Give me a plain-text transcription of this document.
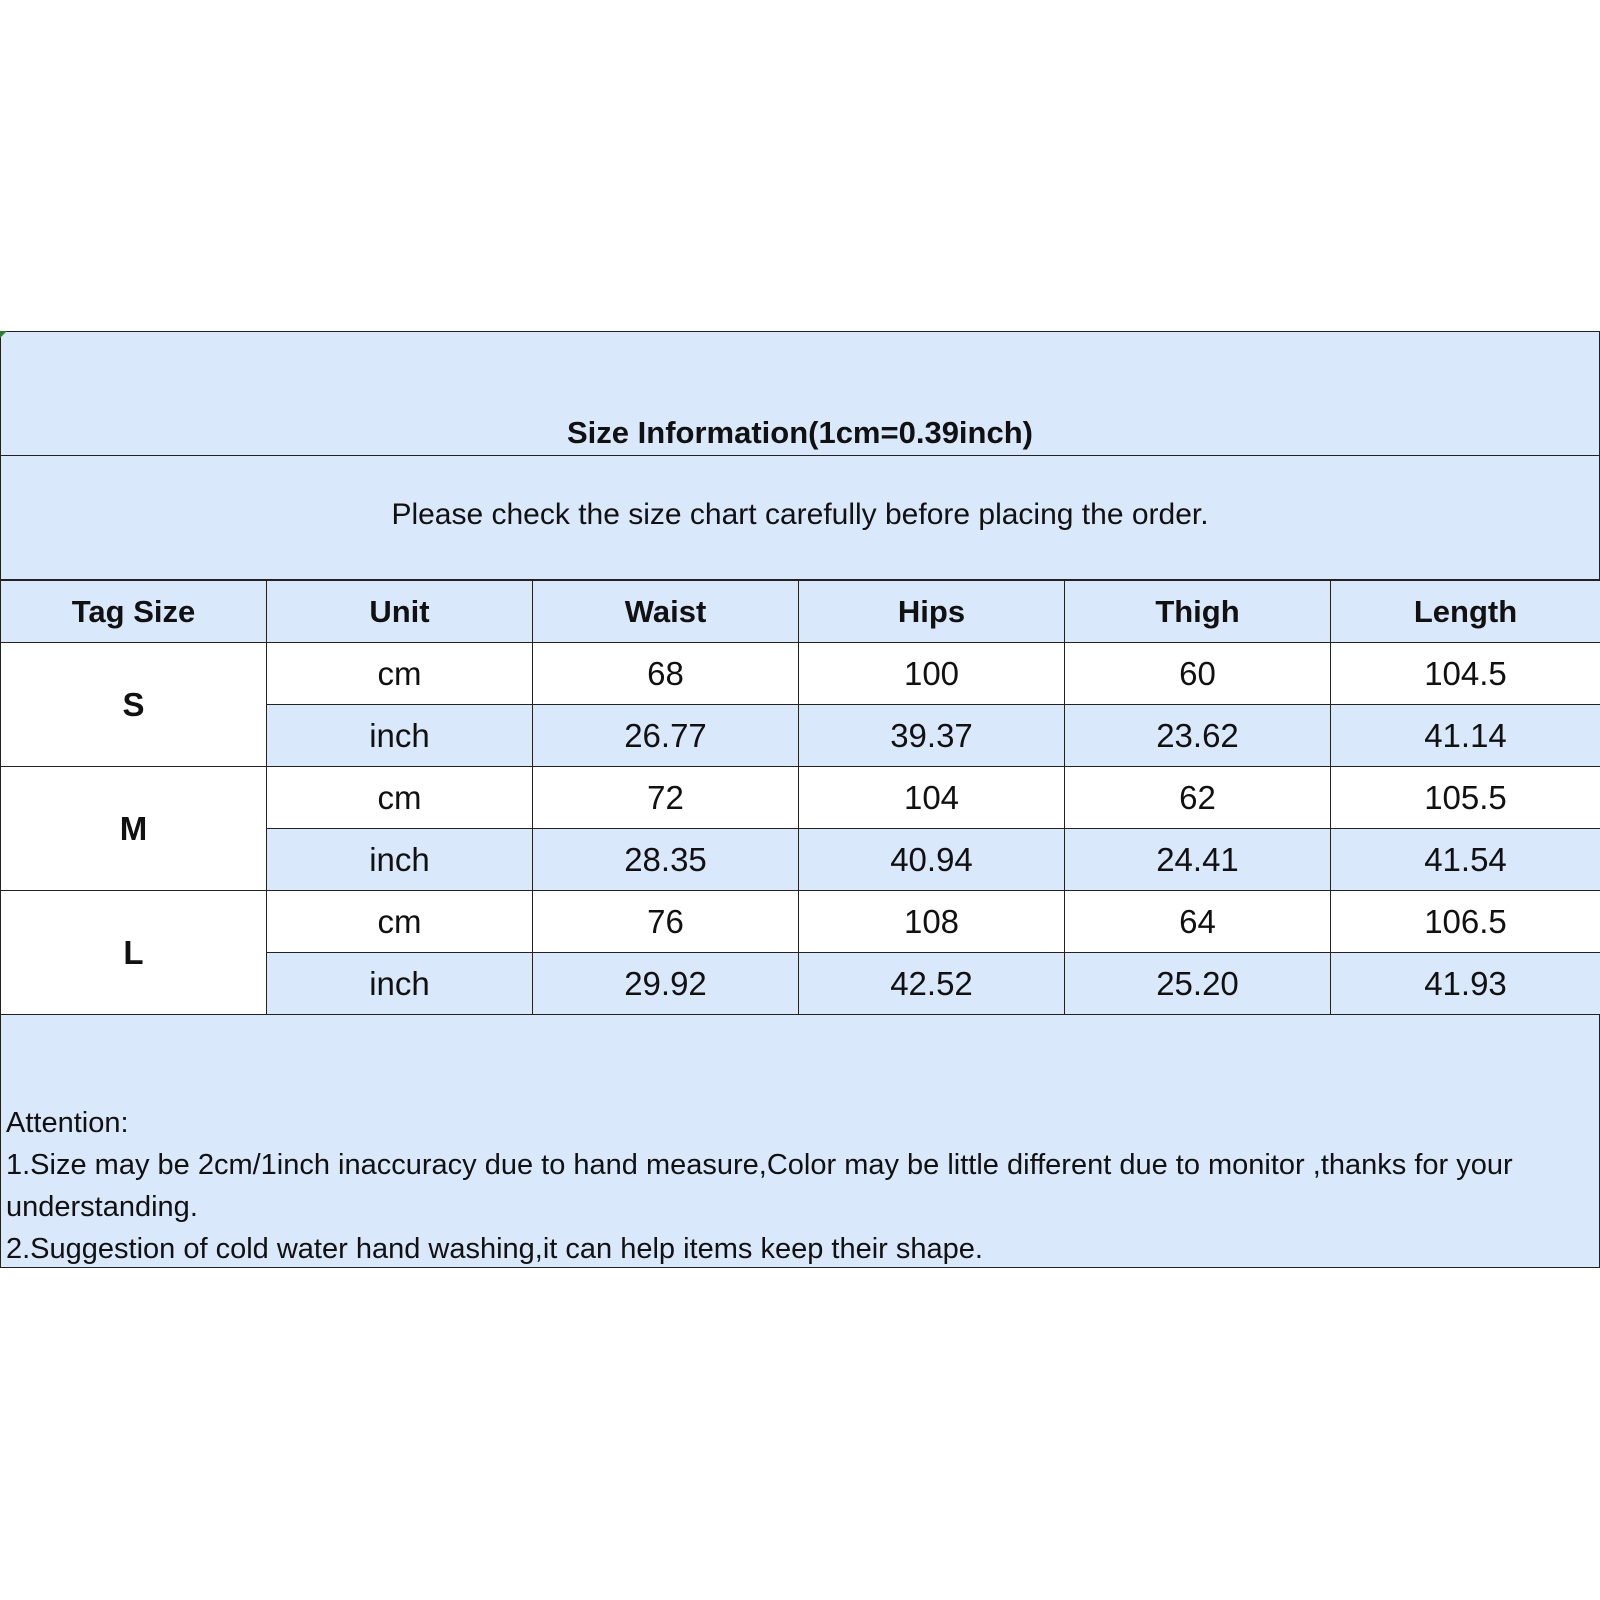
Size Information(1cm=0.39inch)
Please check the size chart carefully before placing the order.
Tag Size	Unit	Waist	Hips	Thigh	Length
S	cm	68	100	60	104.5
	inch	26.77	39.37	23.62	41.14
M	cm	72	104	62	105.5
	inch	28.35	40.94	24.41	41.54
L	cm	76	108	64	106.5
	inch	29.92	42.52	25.20	41.93
Attention:
1.Size may be 2cm/1inch inaccuracy due to hand measure,Color may be little different due to monitor ,thanks for your understanding.
2.Suggestion of cold water hand washing,it can help items keep their shape.
